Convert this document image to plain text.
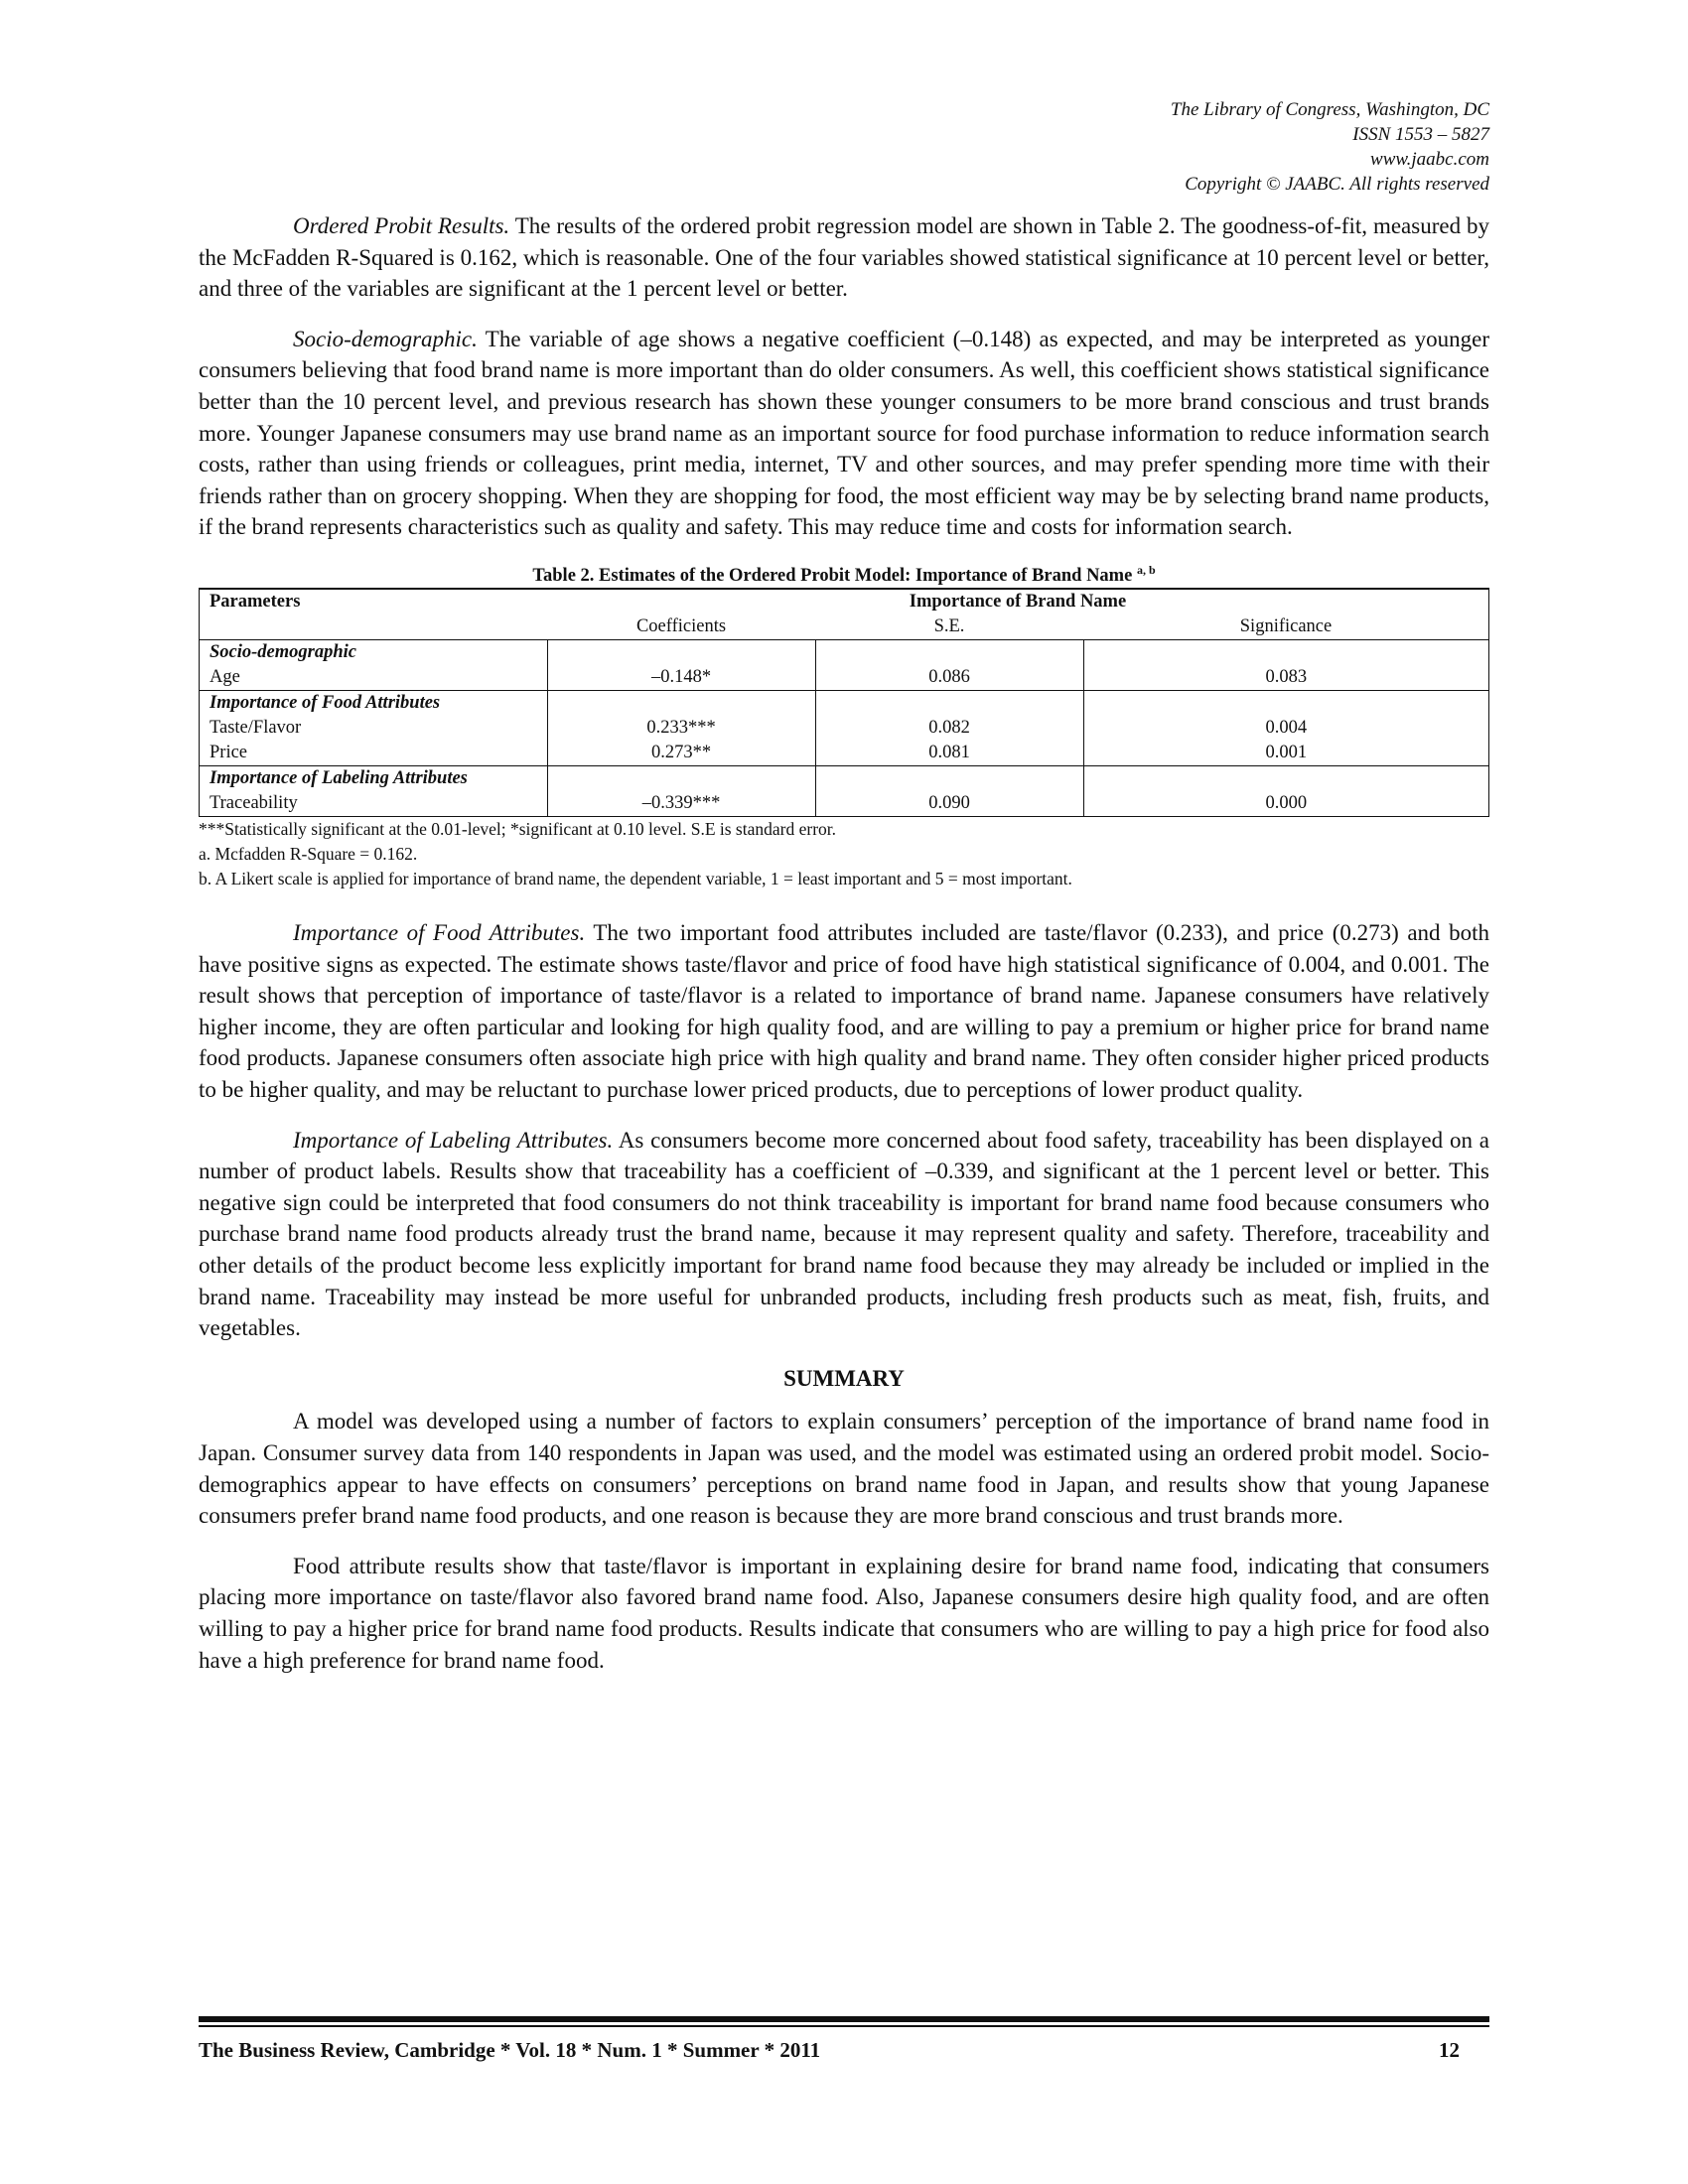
The Library of Congress, Washington, DC
ISSN 1553 – 5827
www.jaabc.com
Copyright © JAABC. All rights reserved

Ordered Probit Results. The results of the ordered probit regression model are shown in Table 2. The goodness-of-fit, measured by the McFadden R-Squared is 0.162, which is reasonable. One of the four variables showed statistical significance at 10 percent level or better, and three of the variables are significant at the 1 percent level or better.

Socio-demographic. The variable of age shows a negative coefficient (–0.148) as expected, and may be interpreted as younger consumers believing that food brand name is more important than do older consumers. As well, this coefficient shows statistical significance better than the 10 percent level, and previous research has shown these younger consumers to be more brand conscious and trust brands more. Younger Japanese consumers may use brand name as an important source for food purchase information to reduce information search costs, rather than using friends or colleagues, print media, internet, TV and other sources, and may prefer spending more time with their friends rather than on grocery shopping. When they are shopping for food, the most efficient way may be by selecting brand name products, if the brand represents characteristics such as quality and safety. This may reduce time and costs for information search.

Table 2. Estimates of the Ordered Probit Model: Importance of Brand Name $^{a, b}$
Parameters	Importance of Brand Name		
	Coefficients	S.E.	Significance
Socio-demographic			
Age	–0.148*	0.086	0.083
Importance of Food Attributes			
Taste/Flavor	0.233***	0.082	0.004
Price	0.273**	0.081	0.001
Importance of Labeling Attributes			
Traceability	–0.339***	0.090	0.000
***Statistically significant at the 0.01-level; *significant at 0.10 level. S.E is standard error.
a. Mcfadden R-Square = 0.162.
b. A Likert scale is applied for importance of brand name, the dependent variable, 1 = least important and 5 = most important.

Importance of Food Attributes. The two important food attributes included are taste/flavor (0.233), and price (0.273) and both have positive signs as expected. The estimate shows taste/flavor and price of food have high statistical significance of 0.004, and 0.001. The result shows that perception of importance of taste/flavor is a related to importance of brand name. Japanese consumers have relatively higher income, they are often particular and looking for high quality food, and are willing to pay a premium or higher price for brand name food products. Japanese consumers often associate high price with high quality and brand name. They often consider higher priced products to be higher quality, and may be reluctant to purchase lower priced products, due to perceptions of lower product quality.

Importance of Labeling Attributes. As consumers become more concerned about food safety, traceability has been displayed on a number of product labels. Results show that traceability has a coefficient of –0.339, and significant at the 1 percent level or better. This negative sign could be interpreted that food consumers do not think traceability is important for brand name food because consumers who purchase brand name food products already trust the brand name, because it may represent quality and safety. Therefore, traceability and other details of the product become less explicitly important for brand name food because they may already be included or implied in the brand name. Traceability may instead be more useful for unbranded products, including fresh products such as meat, fish, fruits, and vegetables.

SUMMARY

A model was developed using a number of factors to explain consumers’ perception of the importance of brand name food in Japan. Consumer survey data from 140 respondents in Japan was used, and the model was estimated using an ordered probit model. Socio-demographics appear to have effects on consumers’ perceptions on brand name food in Japan, and results show that young Japanese consumers prefer brand name food products, and one reason is because they are more brand conscious and trust brands more.

Food attribute results show that taste/flavor is important in explaining desire for brand name food, indicating that consumers placing more importance on taste/flavor also favored brand name food. Also, Japanese consumers desire high quality food, and are often willing to pay a higher price for brand name food products. Results indicate that consumers who are willing to pay a high price for food also have a high preference for brand name food.

The Business Review, Cambridge * Vol. 18 * Num. 1 * Summer * 2011	12
